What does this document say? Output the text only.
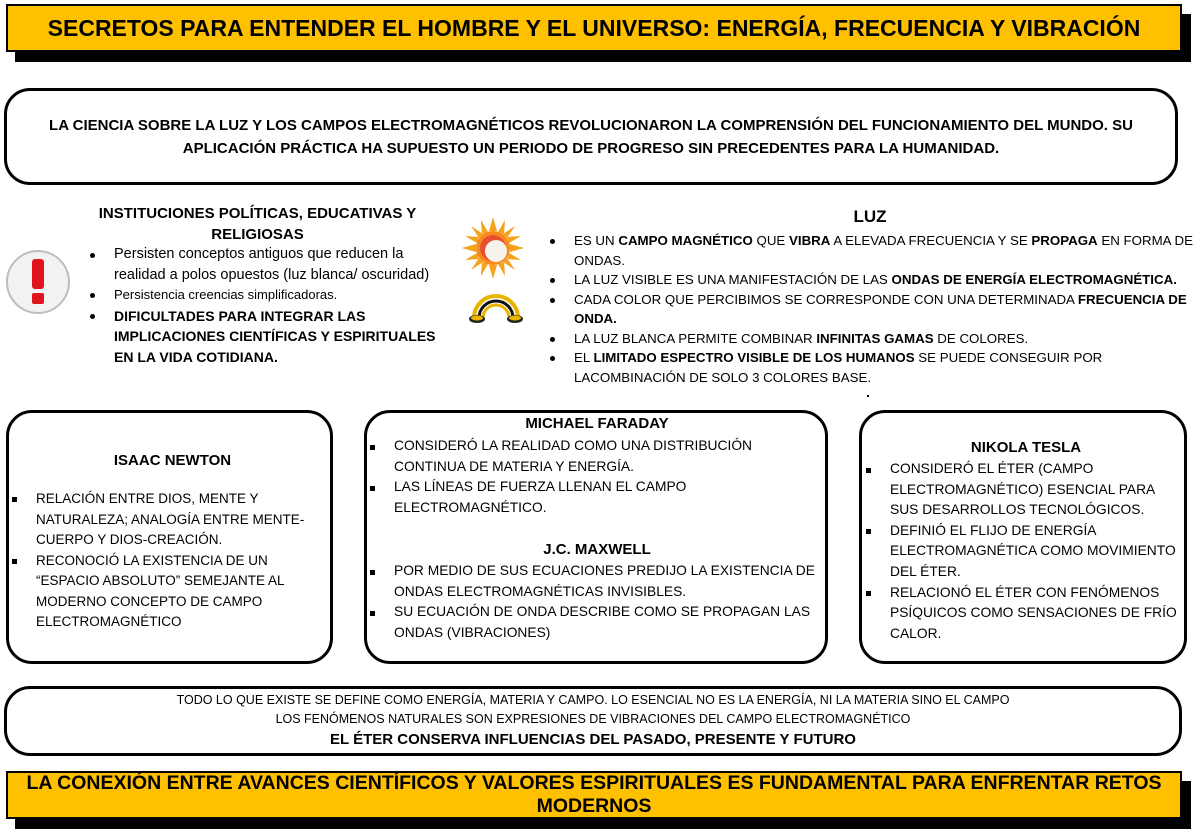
SECRETOS PARA ENTENDER EL HOMBRE Y EL UNIVERSO: ENERGÍA, FRECUENCIA Y VIBRACIÓN
LA CIENCIA SOBRE LA LUZ Y LOS CAMPOS ELECTROMAGNÉTICOS REVOLUCIONARON LA COMPRENSIÓN DEL FUNCIONAMIENTO DEL MUNDO. SU
APLICACIÓN PRÁCTICA HA SUPUESTO UN PERIODO DE PROGRESO SIN PRECEDENTES PARA LA HUMANIDAD.
INSTITUCIONES POLÍTICAS, EDUCATIVAS Y RELIGIOSAS
Persisten conceptos antiguos que reducen la realidad a polos opuestos (luz blanca/ oscuridad)
Persistencia creencias simplificadoras.
DIFICULTADES PARA INTEGRAR LAS IMPLICACIONES CIENTÍFICAS Y ESPIRITUALES EN LA VIDA COTIDIANA.
LUZ
ES UN CAMPO MAGNÉTICO QUE VIBRA A ELEVADA FRECUENCIA Y SE PROPAGA EN FORMA DE ONDAS.
LA LUZ VISIBLE ES UNA MANIFESTACIÓN DE LAS ONDAS DE ENERGÍA ELECTROMAGNÉTICA.
CADA COLOR QUE PERCIBIMOS SE CORRESPONDE CON UNA DETERMINADA FRECUENCIA DE ONDA.
LA LUZ BLANCA PERMITE COMBINAR INFINITAS GAMAS DE COLORES.
EL LIMITADO ESPECTRO VISIBLE DE LOS HUMANOS SE PUEDE CONSEGUIR POR LACOMBINACIÓN DE SOLO 3 COLORES BASE.
.
ISAAC NEWTON
RELACIÓN ENTRE DIOS, MENTE Y NATURALEZA; ANALOGÍA ENTRE MENTE-CUERPO Y DIOS-CREACIÓN.
RECONOCIÓ LA EXISTENCIA DE UN “ESPACIO ABSOLUTO” SEMEJANTE AL MODERNO CONCEPTO DE CAMPO ELECTROMAGNÉTICO
MICHAEL FARADAY
J.C. MAXWELL
CONSIDERÓ LA REALIDAD COMO UNA DISTRIBUCIÓN CONTINUA DE MATERIA Y ENERGÍA.
LAS LÍNEAS DE FUERZA LLENAN EL CAMPO ELECTROMAGNÉTICO.
POR MEDIO DE SUS ECUACIONES PREDIJO LA EXISTENCIA DE ONDAS ELECTROMAGNÉTICAS INVISIBLES.
SU ECUACIÓN DE ONDA DESCRIBE COMO SE PROPAGAN LAS ONDAS (VIBRACIONES)
NIKOLA TESLA
CONSIDERÓ EL ÉTER (CAMPO ELECTROMAGNÉTICO) ESENCIAL PARA SUS DESARROLLOS TECNOLÓGICOS.
DEFINIÓ EL FLIJO DE ENERGÍA ELECTROMAGNÉTICA COMO MOVIMIENTO DEL ÉTER.
RELACIONÓ EL ÉTER CON FENÓMENOS PSÍQUICOS COMO SENSACIONES DE FRÍO CALOR.
TODO LO QUE EXISTE SE DEFINE COMO ENERGÍA, MATERIA Y CAMPO. LO ESENCIAL NO ES LA ENERGÍA, NI LA MATERIA SINO EL CAMPO
LOS FENÓMENOS NATURALES SON EXPRESIONES DE VIBRACIONES DEL CAMPO ELECTROMAGNÉTICO
EL ÉTER CONSERVA INFLUENCIAS DEL PASADO, PRESENTE Y FUTURO
LA CONEXIÓN ENTRE AVANCES CIENTÍFICOS Y VALORES ESPIRITUALES ES FUNDAMENTAL PARA ENFRENTAR RETOS MODERNOS
